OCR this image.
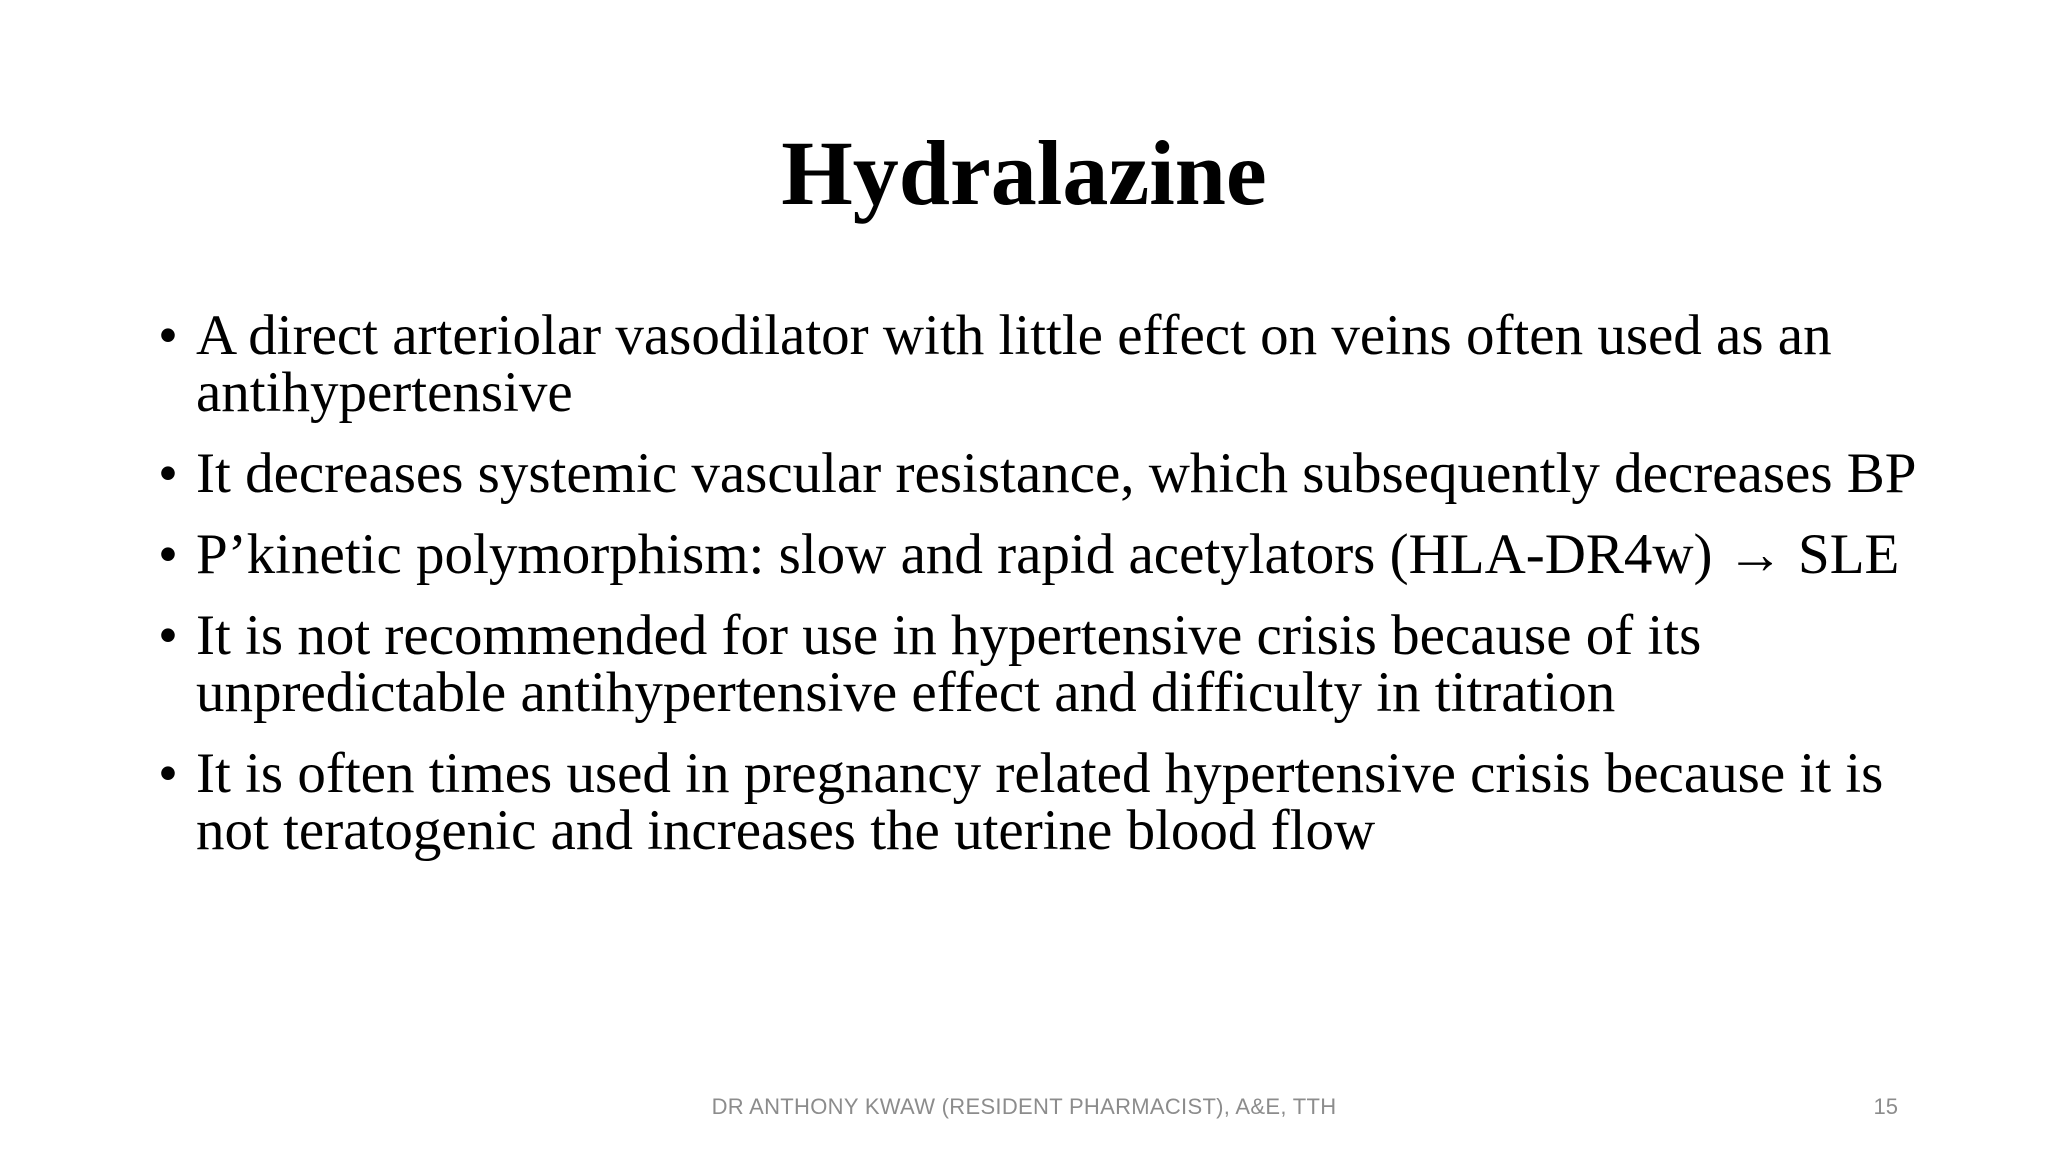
Hydralazine
• A direct arteriolar vasodilator with little effect on veins often used as an antihypertensive
• It decreases systemic vascular resistance, which subsequently decreases BP
• P’kinetic polymorphism: slow and rapid acetylators (HLA-DR4w) → SLE
• It is not recommended for use in hypertensive crisis because of its unpredictable antihypertensive effect and difficulty in titration
• It is often times used in pregnancy related hypertensive crisis because it is not teratogenic and increases the uterine blood flow
DR ANTHONY KWAW (RESIDENT PHARMACIST), A&E, TTH	15
